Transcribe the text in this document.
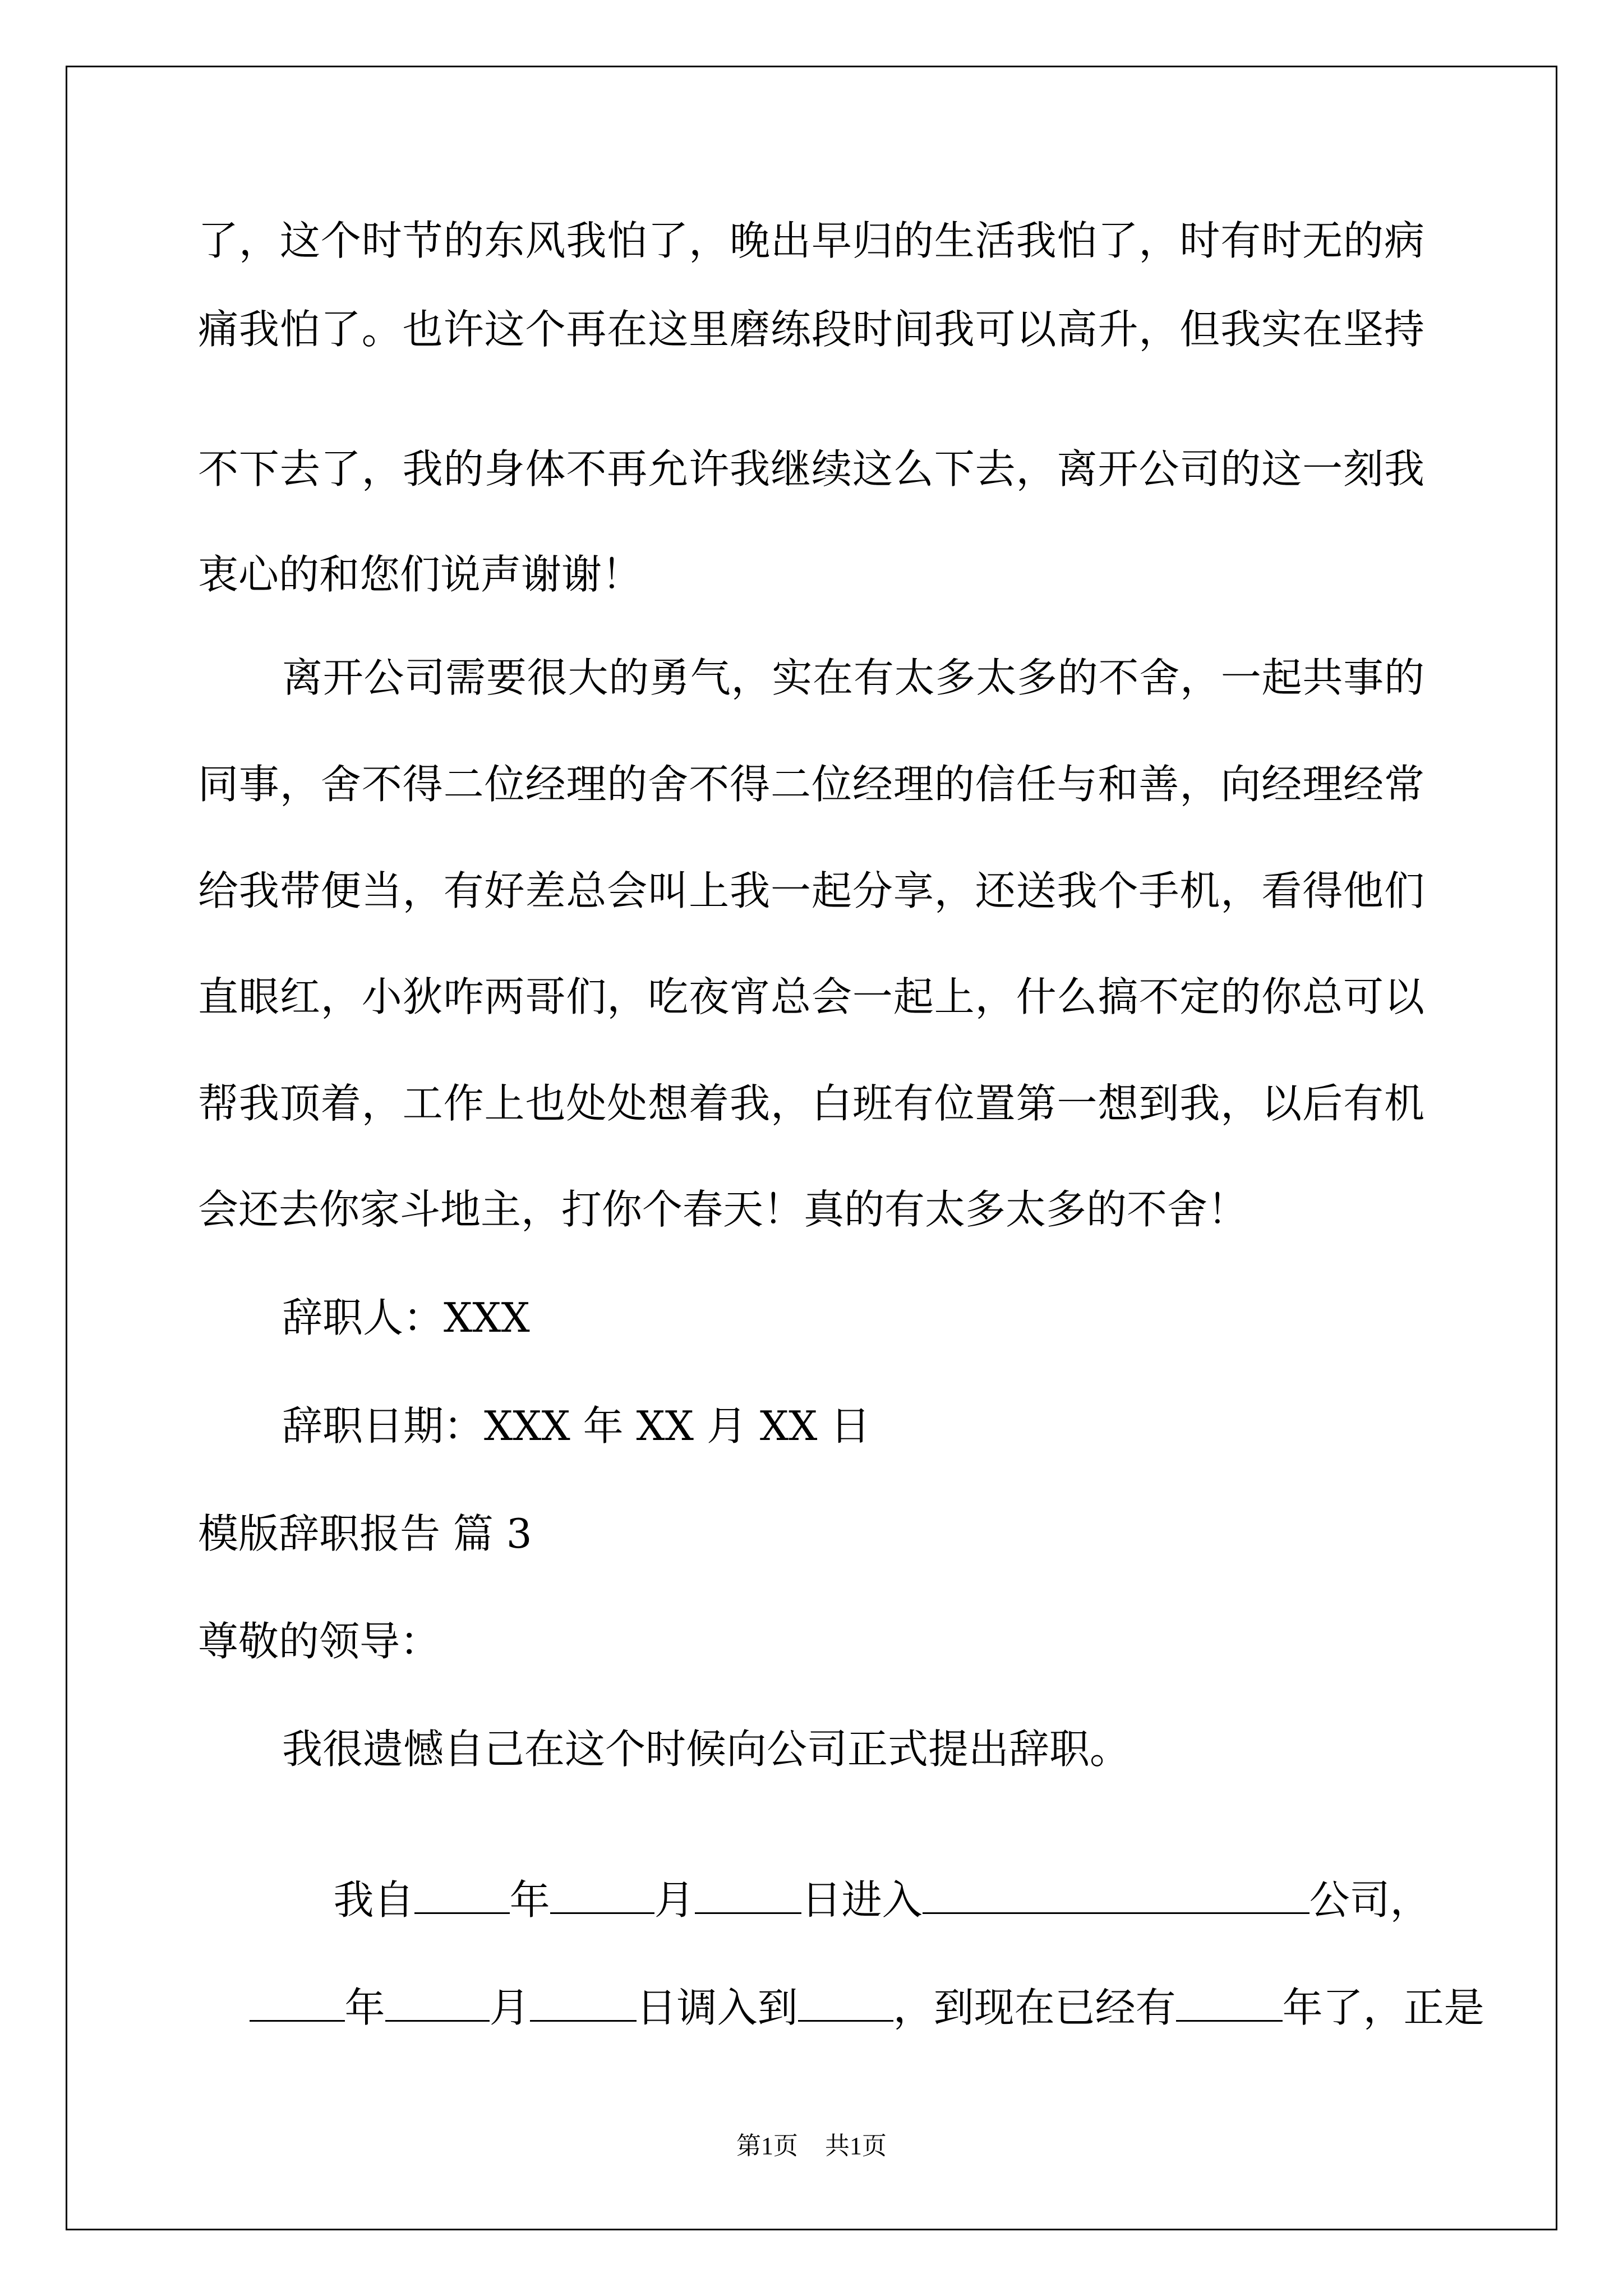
了，这个时节的东风我怕了，晚出早归的生活我怕了，时有时无的病
痛我怕了。也许这个再在这里磨练段时间我可以高升，但我实在坚持
不下去了，我的身体不再允许我继续这么下去，离开公司的这一刻我
衷心的和您们说声谢谢！
离开公司需要很大的勇气，实在有太多太多的不舍，一起共事的
同事，舍不得二位经理的舍不得二位经理的信任与和善，向经理经常
给我带便当，有好差总会叫上我一起分享，还送我个手机，看得他们
直眼红，小狄咋两哥们，吃夜宵总会一起上，什么搞不定的你总可以
帮我顶着，工作上也处处想着我，白班有位置第一想到我，以后有机
会还去你家斗地主，打你个春天！真的有太多太多的不舍！
辞职人：XXX
辞职日期：XXX 年 XX 月 XX 日
模版辞职报告 篇 3
尊敬的领导：
我很遗憾自己在这个时候向公司正式提出辞职。

我自 年	月	日进入	公司，

年	月	日调入到 ，到现在已经有	年了，正是

第1页 共1页
